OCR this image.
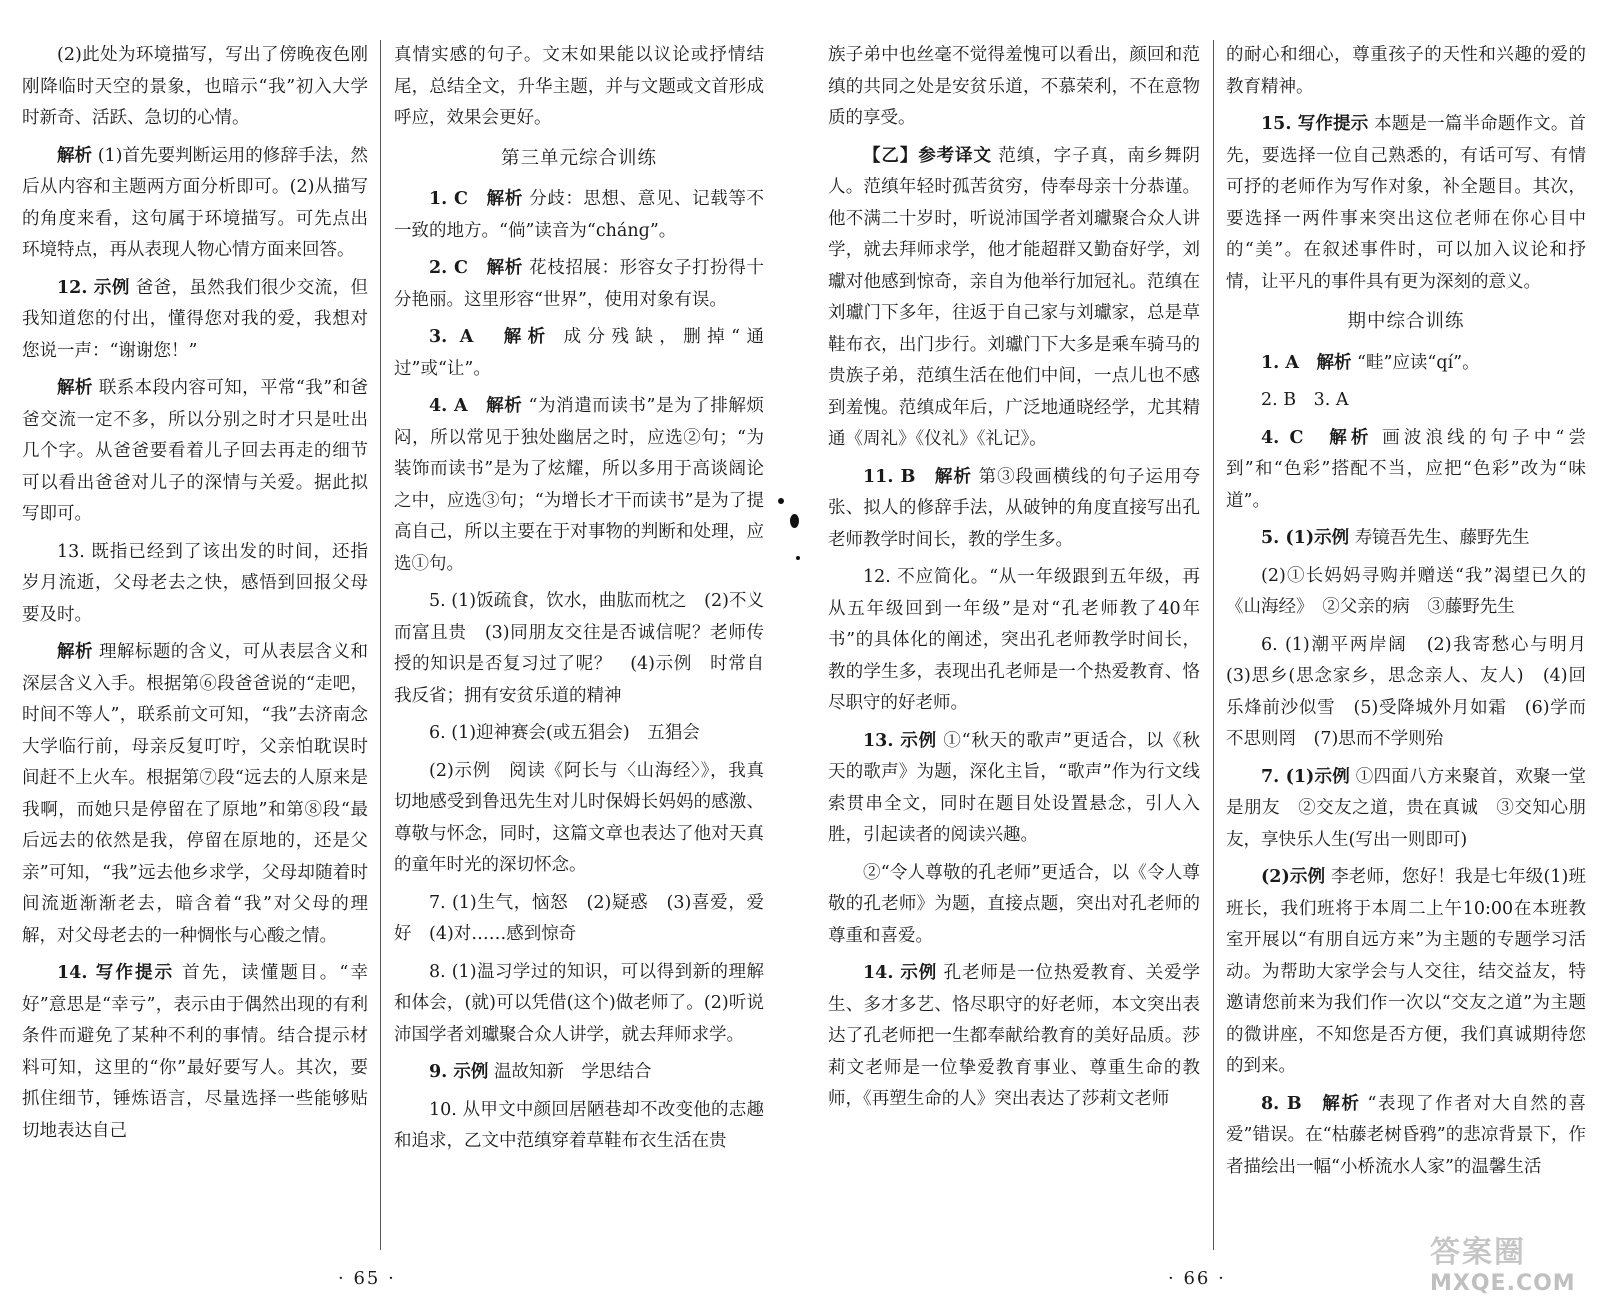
(2)此处为环境描写，写出了傍晚夜色刚刚降临时天空的景象，也暗示“我”初入大学时新奇、活跃、急切的心情。

解析 (1)首先要判断运用的修辞手法，然后从内容和主题两方面分析即可。(2)从描写的角度来看，这句属于环境描写。可先点出环境特点，再从表现人物心情方面来回答。

12. 示例 爸爸，虽然我们很少交流，但我知道您的付出，懂得您对我的爱，我想对您说一声：“谢谢您！”

解析 联系本段内容可知，平常“我”和爸爸交流一定不多，所以分别之时才只是吐出几个字。从爸爸要看着儿子回去再走的细节可以看出爸爸对儿子的深情与关爱。据此拟写即可。

13. 既指已经到了该出发的时间，还指岁月流逝，父母老去之快，感悟到回报父母要及时。

解析 理解标题的含义，可从表层含义和深层含义入手。根据第⑥段爸爸说的“走吧，时间不等人”，联系前文可知，“我”去济南念大学临行前，母亲反复叮咛，父亲怕耽误时间赶不上火车。根据第⑦段“远去的人原来是我啊，而她只是停留在了原地”和第⑧段“最后远去的依然是我，停留在原地的，还是父亲”可知，“我”远去他乡求学，父母却随着时间流逝渐渐老去，暗含着“我”对父母的理解，对父母老去的一种惆怅与心酸之情。

14. 写作提示 首先，读懂题目。“幸好”意思是“幸亏”，表示由于偶然出现的有利条件而避免了某种不利的事情。结合提示材料可知，这里的“你”最好要写人。其次，要抓住细节，锤炼语言，尽量选择一些能够贴切地表达自己

真情实感的句子。文末如果能以议论或抒情结尾，总结全文，升华主题，并与文题或文首形成呼应，效果会更好。

第三单元综合训练

1. C　解析 分歧：思想、意见、记载等不一致的地方。“倘”读音为“chánɡ”。

2. C　解析 花枝招展：形容女子打扮得十分艳丽。这里形容“世界”，使用对象有误。

3. A　解析 成分残缺，删掉“通过”或“让”。

4. A　解析 “为消遣而读书”是为了排解烦闷，所以常见于独处幽居之时，应选②句；“为装饰而读书”是为了炫耀，所以多用于高谈阔论之中，应选③句；“为增长才干而读书”是为了提高自己，所以主要在于对事物的判断和处理，应选①句。

5. (1)饭疏食，饮水，曲肱而枕之　(2)不义而富且贵　(3)同朋友交往是否诚信呢？老师传授的知识是否复习过了呢？　(4)示例　时常自我反省；拥有安贫乐道的精神

6. (1)迎神赛会(或五猖会)　五猖会

(2)示例　阅读《阿长与〈山海经〉》，我真切地感受到鲁迅先生对儿时保姆长妈妈的感激、尊敬与怀念，同时，这篇文章也表达了他对天真的童年时光的深切怀念。

7. (1)生气，恼怒　(2)疑惑　(3)喜爱，爱好　(4)对……感到惊奇

8. (1)温习学过的知识，可以得到新的理解和体会，(就)可以凭借(这个)做老师了。(2)听说沛国学者刘瓛聚合众人讲学，就去拜师求学。

9. 示例 温故知新　学思结合

10. 从甲文中颜回居陋巷却不改变他的志趣和追求，乙文中范缜穿着草鞋布衣生活在贵

族子弟中也丝毫不觉得羞愧可以看出，颜回和范缜的共同之处是安贫乐道，不慕荣利，不在意物质的享受。

【乙】参考译文 范缜，字子真，南乡舞阴人。范缜年轻时孤苦贫穷，侍奉母亲十分恭谨。他不满二十岁时，听说沛国学者刘瓛聚合众人讲学，就去拜师求学，他才能超群又勤奋好学，刘瓛对他感到惊奇，亲自为他举行加冠礼。范缜在刘瓛门下多年，往返于自己家与刘瓛家，总是草鞋布衣，出门步行。刘瓛门下大多是乘车骑马的贵族子弟，范缜生活在他们中间，一点儿也不感到羞愧。范缜成年后，广泛地通晓经学，尤其精通《周礼》《仪礼》《礼记》。

11. B　解析 第③段画横线的句子运用夸张、拟人的修辞手法，从破钟的角度直接写出孔老师教学时间长，教的学生多。

12. 不应简化。“从一年级跟到五年级，再从五年级回到一年级”是对“孔老师教了40年书”的具体化的阐述，突出孔老师教学时间长，教的学生多，表现出孔老师是一个热爱教育、恪尽职守的好老师。

13. 示例 ①“秋天的歌声”更适合，以《秋天的歌声》为题，深化主旨，“歌声”作为行文线索贯串全文，同时在题目处设置悬念，引人入胜，引起读者的阅读兴趣。

②“令人尊敬的孔老师”更适合，以《令人尊敬的孔老师》为题，直接点题，突出对孔老师的尊重和喜爱。

14. 示例 孔老师是一位热爱教育、关爱学生、多才多艺、恪尽职守的好老师，本文突出表达了孔老师把一生都奉献给教育的美好品质。莎莉文老师是一位挚爱教育事业、尊重生命的教师，《再塑生命的人》突出表达了莎莉文老师

的耐心和细心，尊重孩子的天性和兴趣的爱的教育精神。

15. 写作提示 本题是一篇半命题作文。首先，要选择一位自己熟悉的，有话可写、有情可抒的老师作为写作对象，补全题目。其次，要选择一两件事来突出这位老师在你心目中的“美”。在叙述事件时，可以加入议论和抒情，让平凡的事件具有更为深刻的意义。

期中综合训练

1. A　解析 “畦”应读“qí”。

2. B　3. A

4. C　解析 画波浪线的句子中“尝到”和“色彩”搭配不当，应把“色彩”改为“味道”。

5. (1)示例 寿镜吾先生、藤野先生

(2)①长妈妈寻购并赠送“我”渴望已久的《山海经》　②父亲的病　③藤野先生

6. (1)潮平两岸阔　(2)我寄愁心与明月　(3)思乡(思念家乡，思念亲人、友人)　(4)回乐烽前沙似雪　(5)受降城外月如霜　(6)学而不思则罔　(7)思而不学则殆

7. (1)示例 ①四面八方来聚首，欢聚一堂是朋友　②交友之道，贵在真诚　③交知心朋友，享快乐人生(写出一则即可)

(2)示例 李老师，您好！我是七年级(1)班班长，我们班将于本周二上午10:00在本班教室开展以“有朋自远方来”为主题的专题学习活动。为帮助大家学会与人交往，结交益友，特邀请您前来为我们作一次以“交友之道”为主题的微讲座，不知您是否方便，我们真诚期待您的到来。

8. B　解析 “表现了作者对大自然的喜爱”错误。在“枯藤老树昏鸦”的悲凉背景下，作者描绘出一幅“小桥流水人家”的温馨生活

· 65 ·	· 66 ·
答案圈
MXQE.COM
